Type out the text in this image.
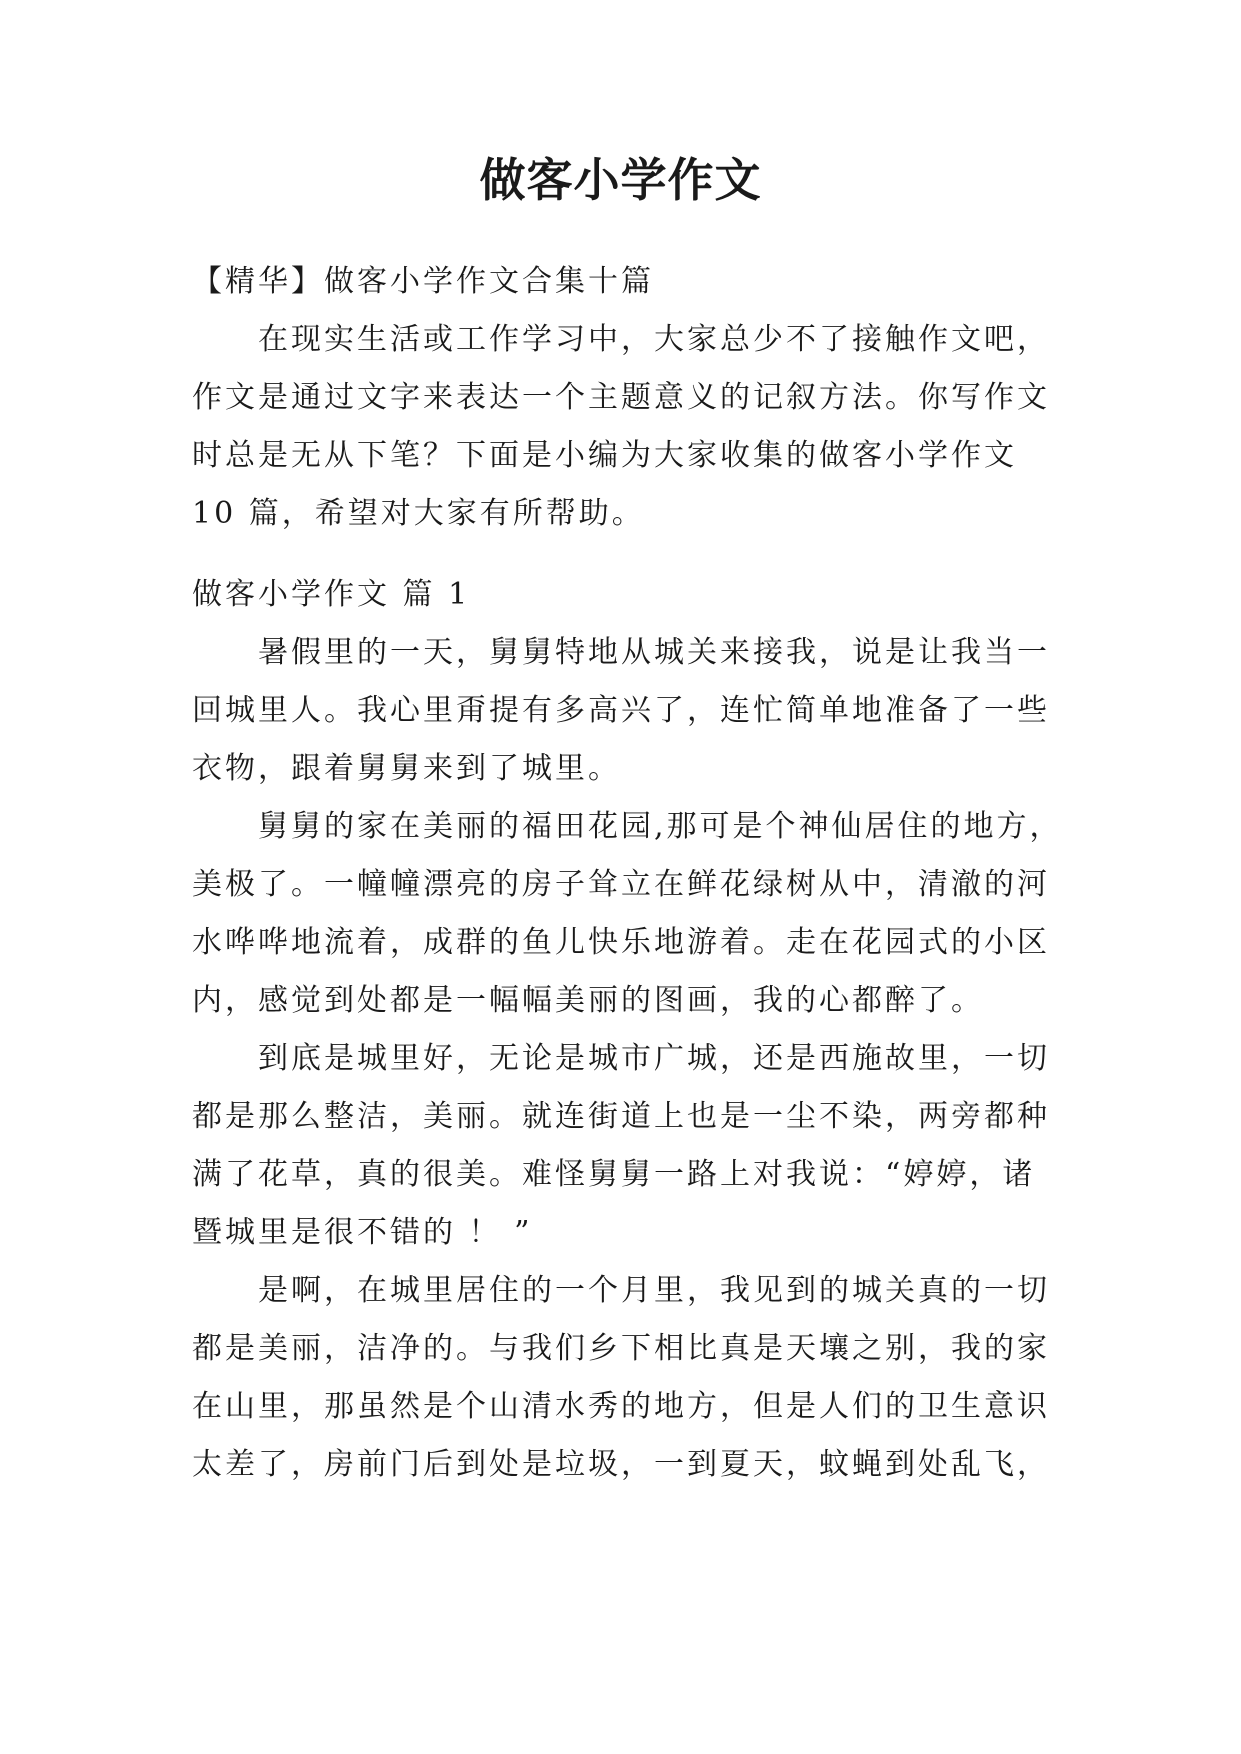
做客小学作文
【精华】做客小学作文合集十篇
在现实生活或工作学习中，大家总少不了接触作文吧，
作文是通过文字来表达一个主题意义的记叙方法。你写作文
时总是无从下笔？下面是小编为大家收集的做客小学作文
10 篇，希望对大家有所帮助。
做客小学作文 篇 1
暑假里的一天，舅舅特地从城关来接我，说是让我当一
回城里人。我心里甭提有多高兴了，连忙简单地准备了一些
衣物，跟着舅舅来到了城里。
舅舅的家在美丽的福田花园,那可是个神仙居住的地方，
美极了。一幢幢漂亮的房子耸立在鲜花绿树从中，清澈的河
水哗哗地流着，成群的鱼儿快乐地游着。走在花园式的小区
内，感觉到处都是一幅幅美丽的图画，我的心都醉了。
到底是城里好，无论是城市广城，还是西施故里，一切
都是那么整洁，美丽。就连街道上也是一尘不染，两旁都种
满了花草，真的很美。难怪舅舅一路上对我说：“婷婷，诸
暨城里是很不错的 ！ ”
是啊，在城里居住的一个月里，我见到的城关真的一切
都是美丽，洁净的。与我们乡下相比真是天壤之别，我的家
在山里，那虽然是个山清水秀的地方，但是人们的卫生意识
太差了，房前门后到处是垃圾，一到夏天，蚊蝇到处乱飞，
